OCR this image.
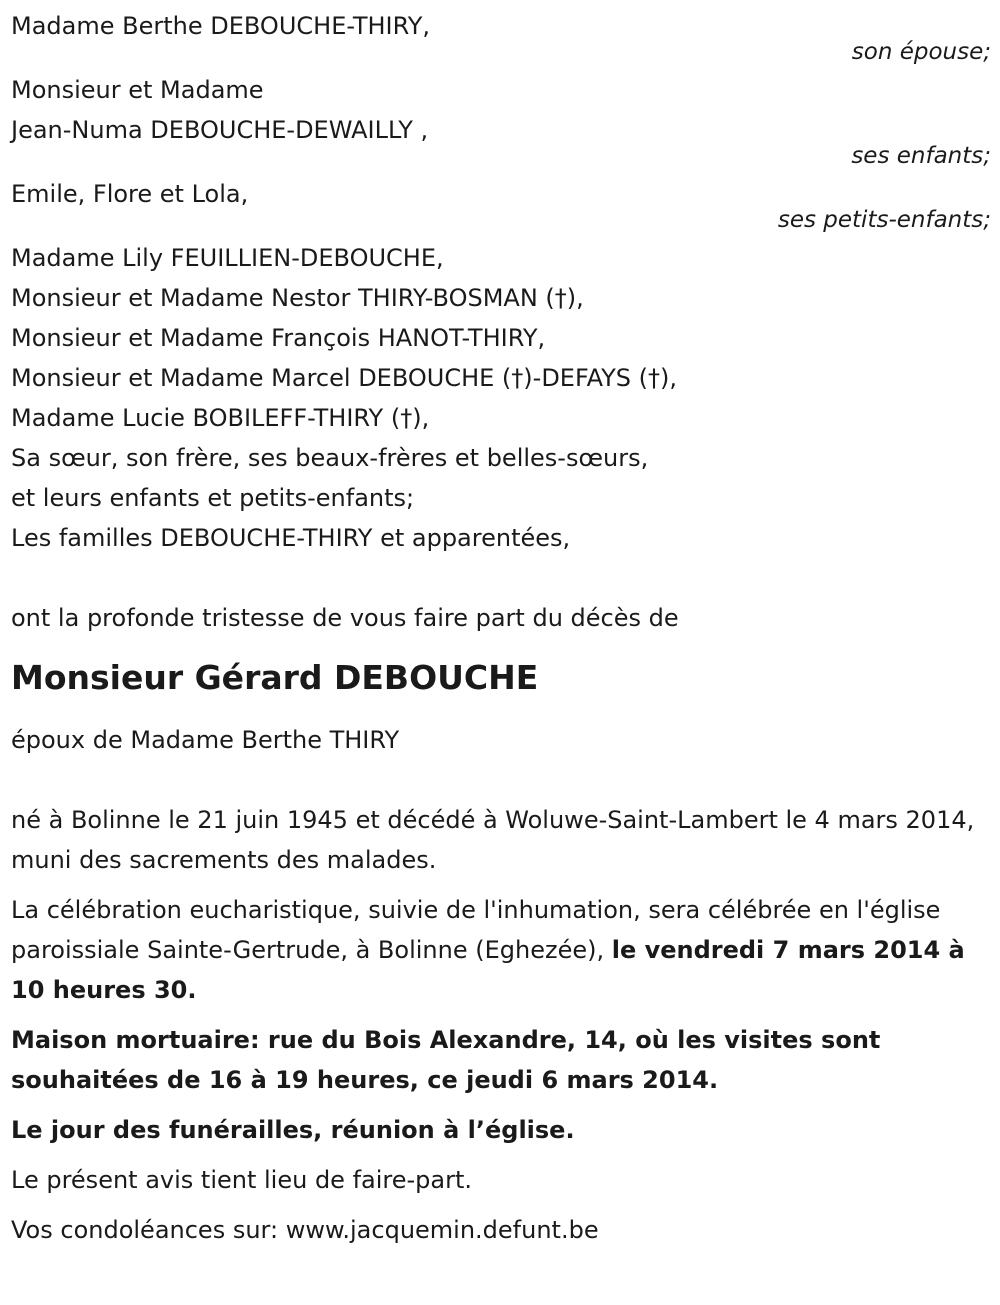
Madame Berthe DEBOUCHE-THIRY,
son épouse;
Monsieur et Madame
Jean-Numa DEBOUCHE-DEWAILLY ,
ses enfants;
Emile, Flore et Lola,
ses petits-enfants;
Madame Lily FEUILLIEN-DEBOUCHE,
Monsieur et Madame Nestor THIRY-BOSMAN (†),
Monsieur et Madame François HANOT-THIRY,
Monsieur et Madame Marcel DEBOUCHE (†)-DEFAYS (†),
Madame Lucie BOBILEFF-THIRY (†),
Sa sœur, son frère, ses beaux-frères et belles-sœurs,
et leurs enfants et petits-enfants;
Les familles DEBOUCHE-THIRY et apparentées,
ont la profonde tristesse de vous faire part du décès de
Monsieur Gérard DEBOUCHE
époux de Madame Berthe THIRY
né à Bolinne le 21 juin 1945 et décédé à Woluwe-Saint-Lambert le 4 mars 2014, muni des sacrements des malades.
La célébration eucharistique, suivie de l'inhumation, sera célébrée en l'église paroissiale Sainte-Gertrude, à Bolinne (Eghezée), le vendredi 7 mars 2014 à 10 heures 30.
Maison mortuaire: rue du Bois Alexandre, 14, où les visites sont souhaitées de 16 à 19 heures, ce jeudi 6 mars 2014.
Le jour des funérailles, réunion à l’église.
Le présent avis tient lieu de faire-part.
Vos condoléances sur: www.jacquemin.defunt.be
